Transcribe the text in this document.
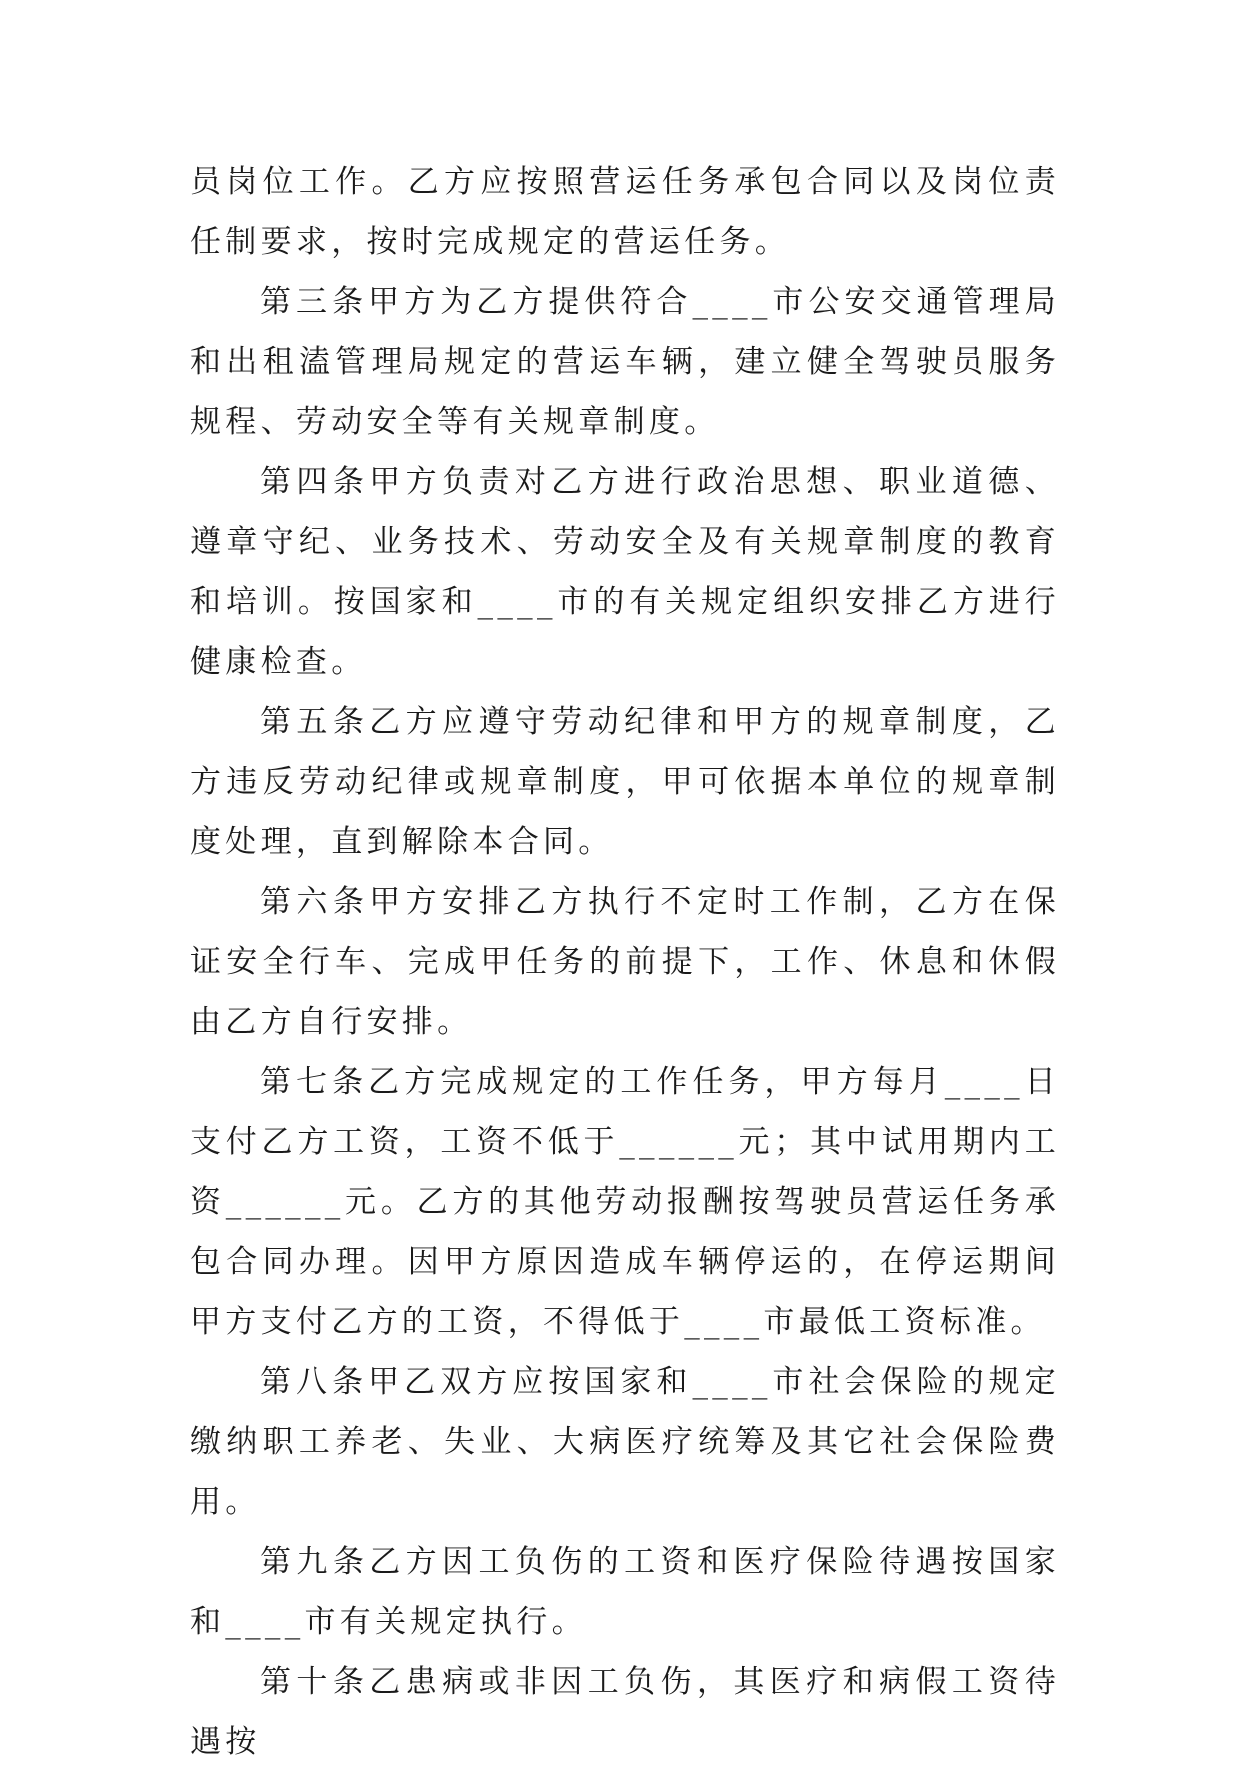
员岗位工作。乙方应按照营运任务承包合同以及岗位责任制要求，按时完成规定的营运任务。

第三条甲方为乙方提供符合____市公安交通管理局和出租溘管理局规定的营运车辆，建立健全驾驶员服务规程、劳动安全等有关规章制度。

第四条甲方负责对乙方进行政治思想、职业道德、遵章守纪、业务技术、劳动安全及有关规章制度的教育和培训。按国家和____市的有关规定组织安排乙方进行健康检查。

第五条乙方应遵守劳动纪律和甲方的规章制度，乙方违反劳动纪律或规章制度，甲可依据本单位的规章制度处理，直到解除本合同。

第六条甲方安排乙方执行不定时工作制，乙方在保证安全行车、完成甲任务的前提下，工作、休息和休假由乙方自行安排。

第七条乙方完成规定的工作任务，甲方每月____日支付乙方工资，工资不低于______元；其中试用期内工资______元。乙方的其他劳动报酬按驾驶员营运任务承包合同办理。因甲方原因造成车辆停运的，在停运期间甲方支付乙方的工资，不得低于____市最低工资标准。

第八条甲乙双方应按国家和____市社会保险的规定缴纳职工养老、失业、大病医疗统筹及其它社会保险费用。

第九条乙方因工负伤的工资和医疗保险待遇按国家和____市有关规定执行。

第十条乙患病或非因工负伤，其医疗和病假工资待遇按
